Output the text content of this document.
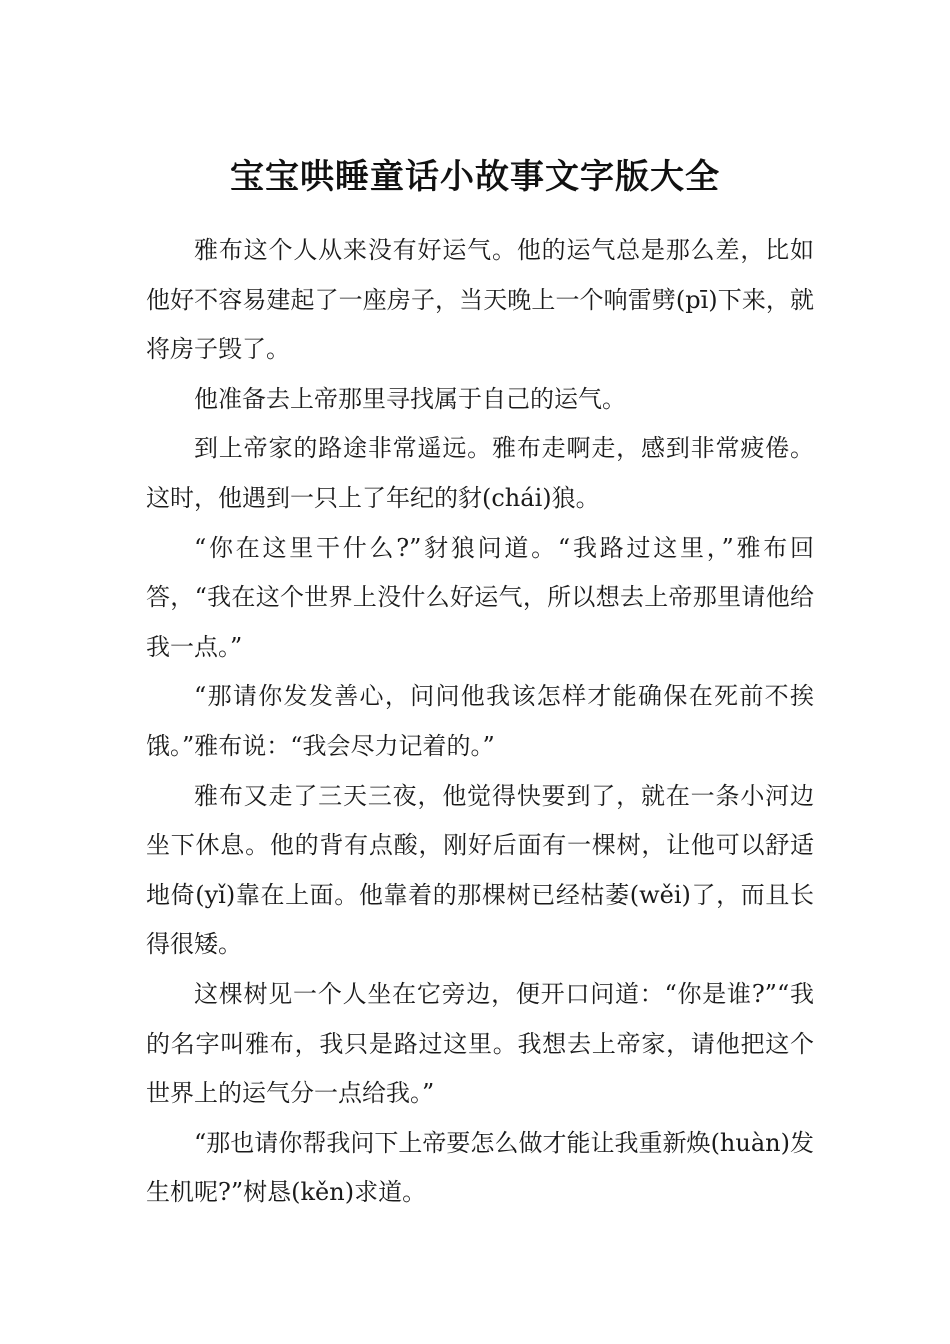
宝宝哄睡童话小故事文字版大全

雅布这个人从来没有好运气。他的运气总是那么差，比如他好不容易建起了一座房子，当天晚上一个响雷劈(pī)下来，就将房子毁了。

他准备去上帝那里寻找属于自己的运气。

到上帝家的路途非常遥远。雅布走啊走，感到非常疲倦。这时，他遇到一只上了年纪的豺(chái)狼。

“你在这里干什么?”豺狼问道。“我路过这里，”雅布回答，“我在这个世界上没什么好运气，所以想去上帝那里请他给我一点。”

“那请你发发善心，问问他我该怎样才能确保在死前不挨饿。”雅布说：“我会尽力记着的。”

雅布又走了三天三夜，他觉得快要到了，就在一条小河边坐下休息。他的背有点酸，刚好后面有一棵树，让他可以舒适地倚(yǐ)靠在上面。他靠着的那棵树已经枯萎(wěi)了，而且长得很矮。

这棵树见一个人坐在它旁边，便开口问道：“你是谁?”“我的名字叫雅布，我只是路过这里。我想去上帝家，请他把这个世界上的运气分一点给我。”

“那也请你帮我问下上帝要怎么做才能让我重新焕(huàn)发生机呢?”树恳(kěn)求道。
